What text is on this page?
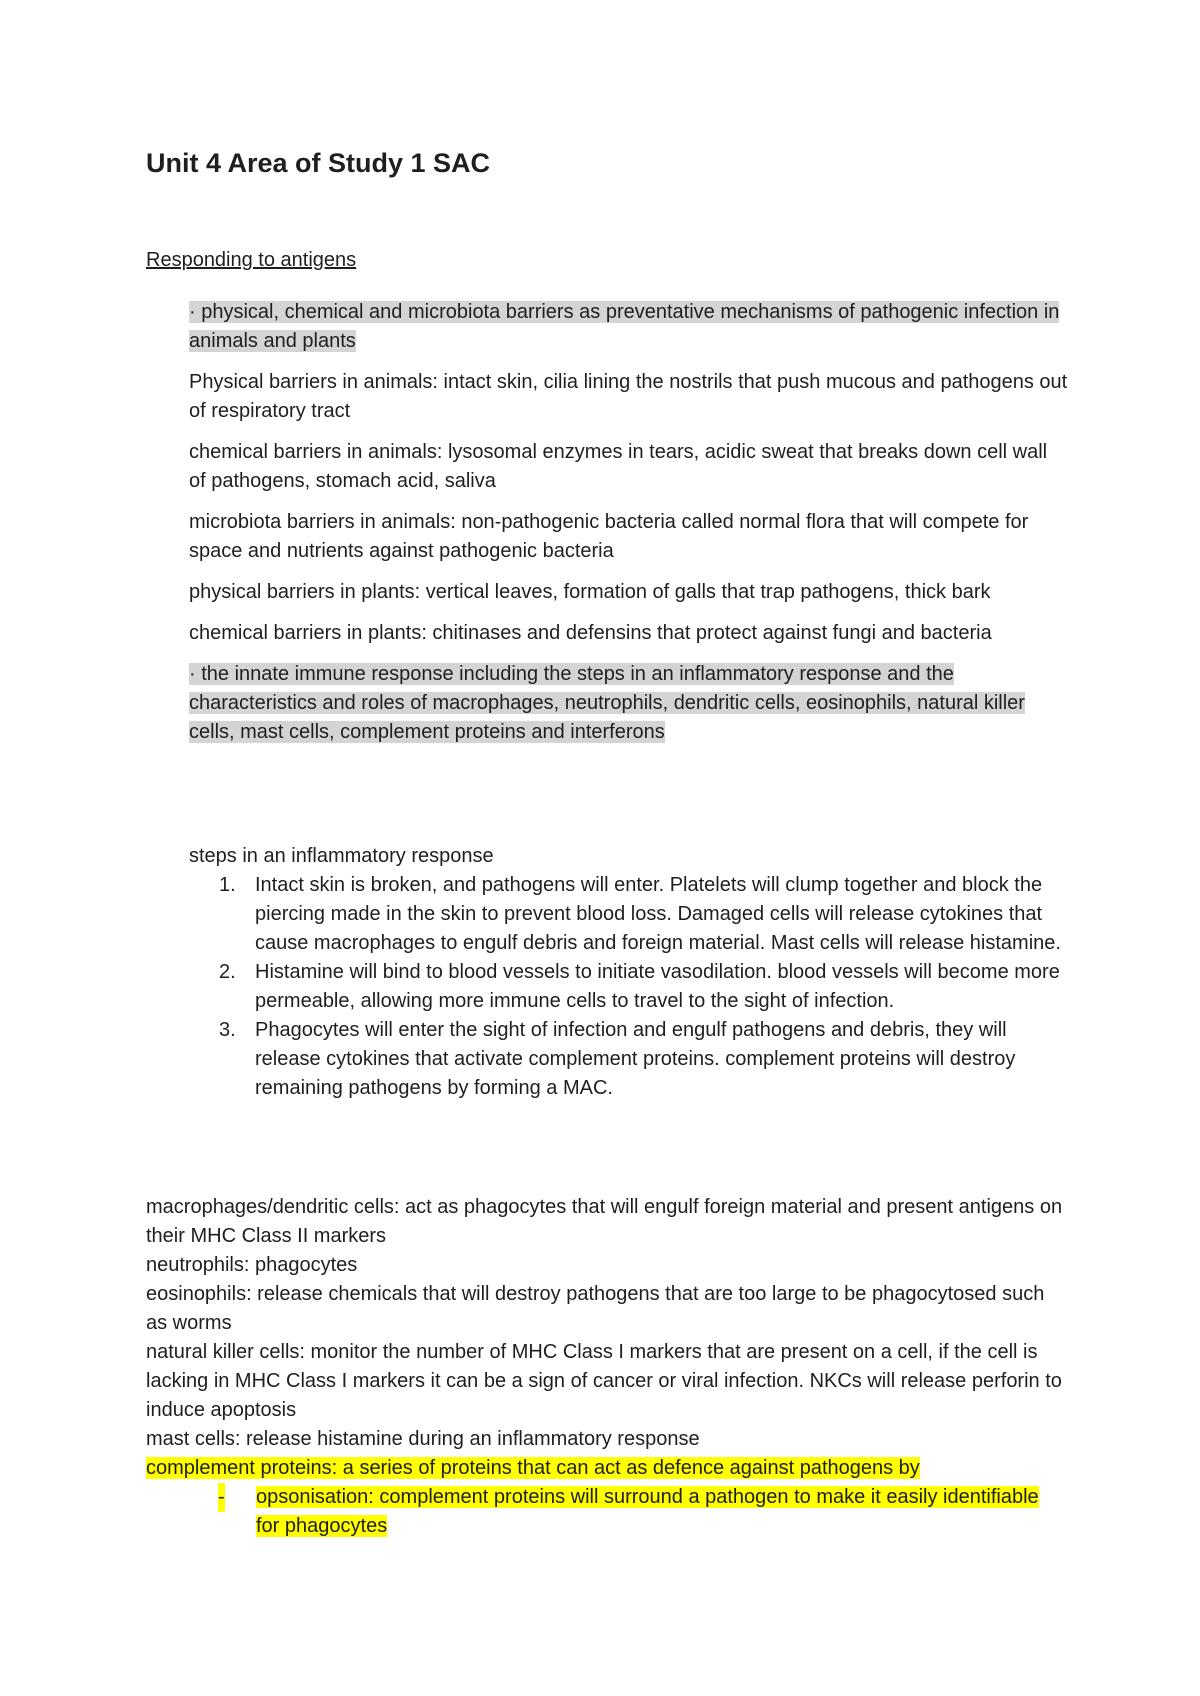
Unit 4 Area of Study 1 SAC
Responding to antigens

· physical, chemical and microbiota barriers as preventative mechanisms of pathogenic infection in animals and plants

Physical barriers in animals: intact skin, cilia lining the nostrils that push mucous and pathogens out of respiratory tract

chemical barriers in animals: lysosomal enzymes in tears, acidic sweat that breaks down cell wall of pathogens, stomach acid, saliva

microbiota barriers in animals: non-pathogenic bacteria called normal flora that will compete for space and nutrients against pathogenic bacteria

physical barriers in plants: vertical leaves, formation of galls that trap pathogens, thick bark

chemical barriers in plants: chitinases and defensins that protect against fungi and bacteria

· the innate immune response including the steps in an inflammatory response and the characteristics and roles of macrophages, neutrophils, dendritic cells, eosinophils, natural killer cells, mast cells, complement proteins and interferons

steps in an inflammatory response

1. Intact skin is broken, and pathogens will enter. Platelets will clump together and block the piercing made in the skin to prevent blood loss. Damaged cells will release cytokines that cause macrophages to engulf debris and foreign material. Mast cells will release histamine.
2. Histamine will bind to blood vessels to initiate vasodilation. blood vessels will become more permeable, allowing more immune cells to travel to the sight of infection.
3. Phagocytes will enter the sight of infection and engulf pathogens and debris, they will release cytokines that activate complement proteins. complement proteins will destroy remaining pathogens by forming a MAC.

macrophages/dendritic cells: act as phagocytes that will engulf foreign material and present antigens on their MHC Class II markers

neutrophils: phagocytes

eosinophils: release chemicals that will destroy pathogens that are too large to be phagocytosed such as worms

natural killer cells: monitor the number of MHC Class I markers that are present on a cell, if the cell is lacking in MHC Class I markers it can be a sign of cancer or viral infection. NKCs will release perforin to induce apoptosis

mast cells: release histamine during an inflammatory response

complement proteins: a series of proteins that can act as defence against pathogens by

- opsonisation: complement proteins will surround a pathogen to make it easily identifiable for phagocytes
